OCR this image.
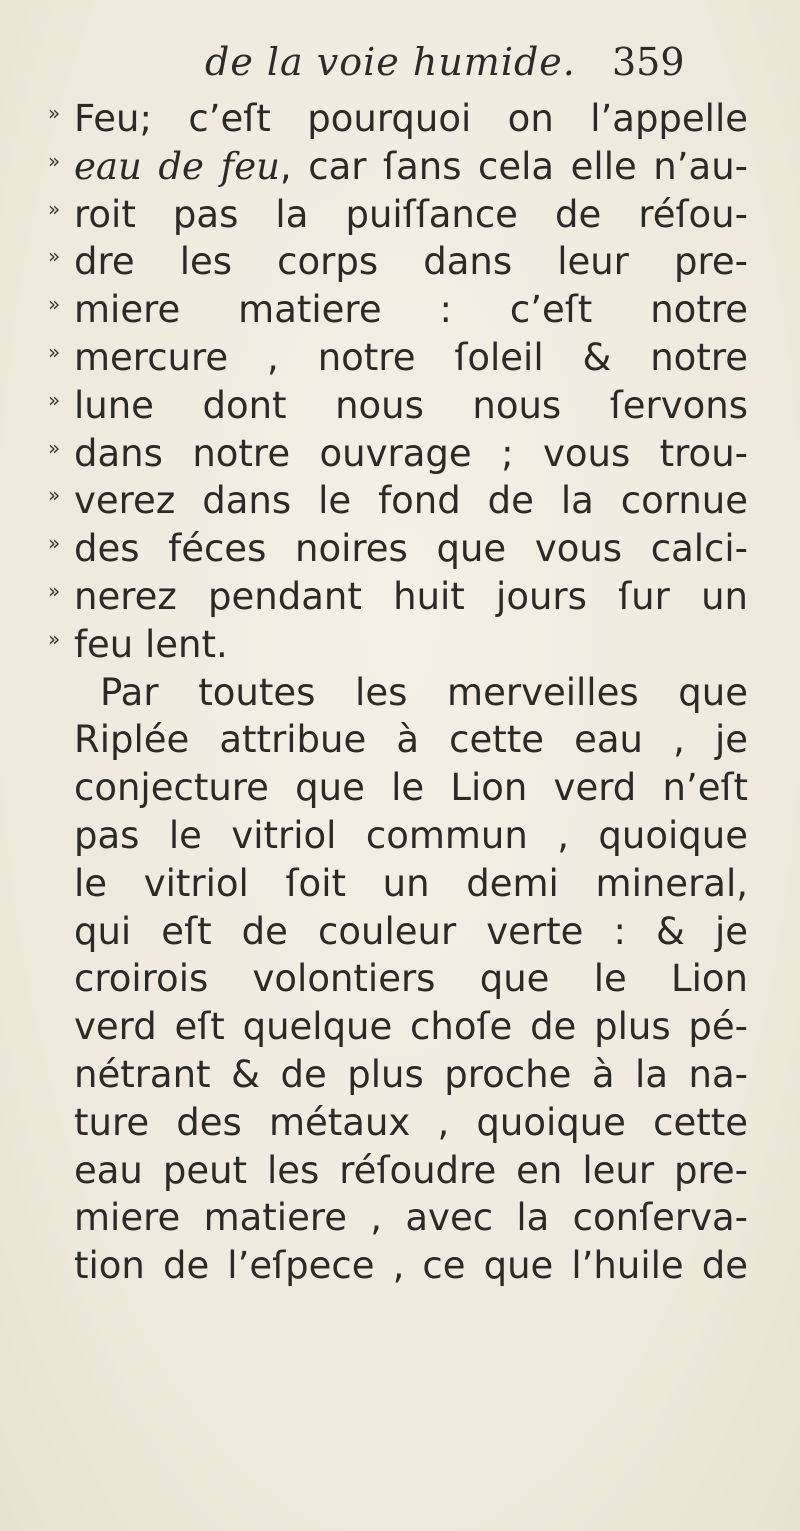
de la voie humide. 359
» Feu; c’eſt pourquoi on l’appelle
» eau de feu, car ſans cela elle n’au-
» roit pas la puiſſance de réſou-
» dre les corps dans leur pre-
» miere matiere : c’eſt notre
» mercure , notre ſoleil & notre
» lune dont nous nous ſervons
» dans notre ouvrage ; vous trou-
» verez dans le fond de la cornue
» des féces noires que vous calci-
» nerez pendant huit jours ſur un
» feu lent.
Par toutes les merveilles que
Riplée attribue à cette eau , je
conjecture que le Lion verd n’eſt
pas le vitriol commun , quoique
le vitriol ſoit un demi mineral,
qui eſt de couleur verte : & je
croirois volontiers que le Lion
verd eſt quelque choſe de plus pé-
nétrant & de plus proche à la na-
ture des métaux , quoique cette
eau peut les réſoudre en leur pre-
miere matiere , avec la conſerva-
tion de l’eſpece , ce que l’huile de
